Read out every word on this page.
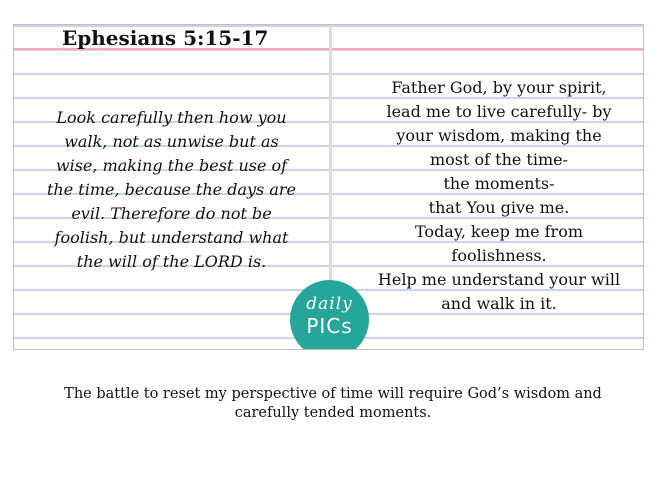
Ephesians 5:15-17

Look carefully then how you walk, not as unwise but as wise, making the best use of the time, because the days are evil. Therefore do not be foolish, but understand what the will of the LORD is.

Father God, by your spirit,
lead me to live carefully- by
your wisdom, making the
most of the time-
the moments-
that You give me.
Today, keep me from
foolishness.
Help me understand your will
and walk in it.
daily
PICs

The battle to reset my perspective of time will require God’s wisdom and carefully tended moments.
